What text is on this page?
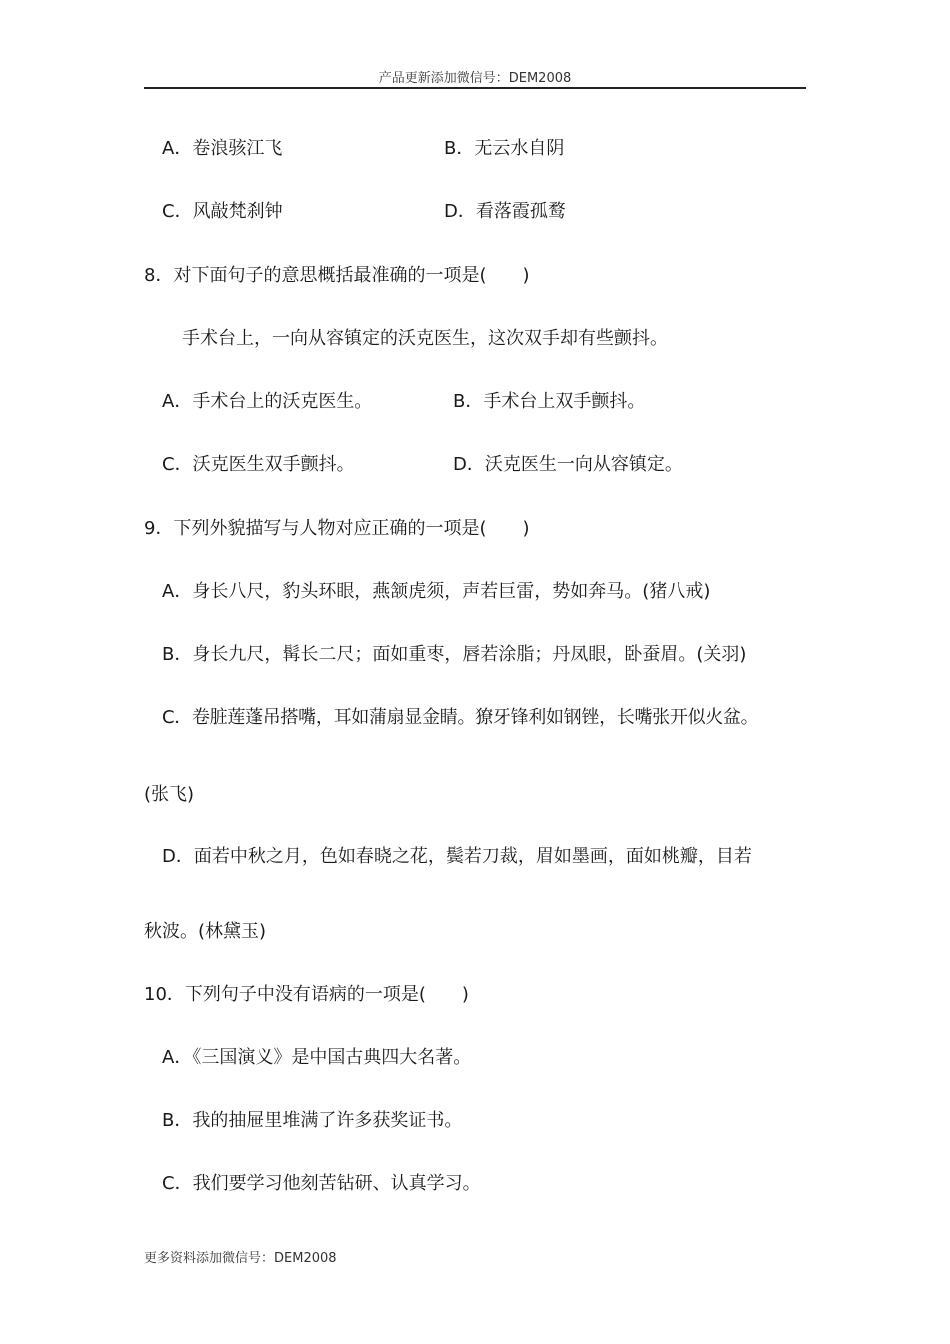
产品更新添加微信号：DEM2008
A．卷浪骇江飞	B．无云水自阴
C．风敲梵刹钟	D．看落霞孤鹜
8．对下面句子的意思概括最准确的一项是(　　)
手术台上，一向从容镇定的沃克医生，这次双手却有些颤抖。
A．手术台上的沃克医生。	B．手术台上双手颤抖。
C．沃克医生双手颤抖。	D．沃克医生一向从容镇定。
9．下列外貌描写与人物对应正确的一项是(　　)
A．身长八尺，豹头环眼，燕颔虎须，声若巨雷，势如奔马。(猪八戒)
B．身长九尺，髯长二尺；面如重枣，唇若涂脂；丹凤眼，卧蚕眉。(关羽)
C．卷脏莲蓬吊搭嘴，耳如蒲扇显金睛。獠牙锋利如钢锉，长嘴张开似火盆。
(张飞)
D．面若中秋之月，色如春晓之花，鬓若刀裁，眉如墨画，面如桃瓣，目若
秋波。(林黛玉)
10．下列句子中没有语病的一项是(　　)
A．《三国演义》是中国古典四大名著。
B．我的抽屉里堆满了许多获奖证书。
C．我们要学习他刻苦钻研、认真学习。
更多资料添加微信号：DEM2008
